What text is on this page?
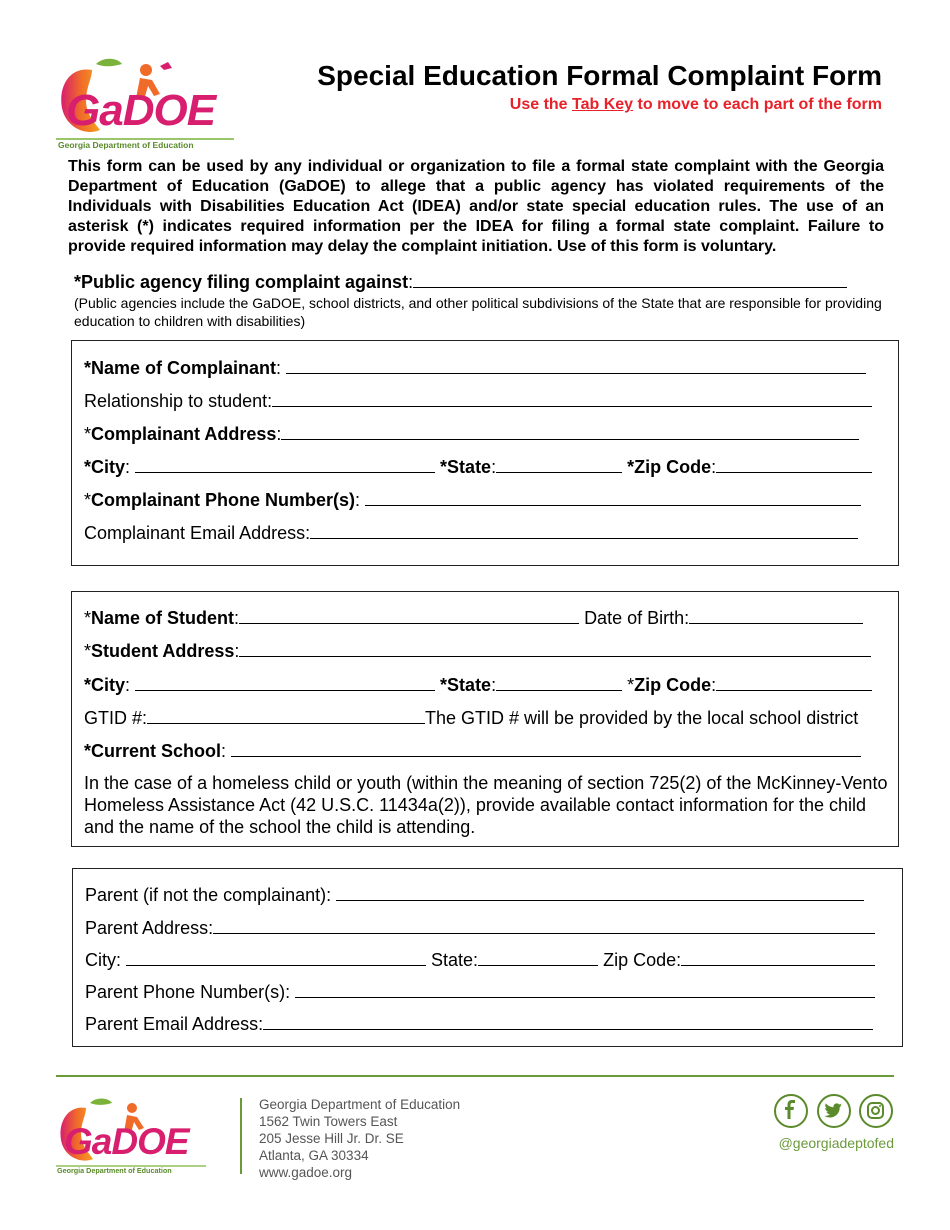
GaDOE
Georgia Department of Education
Special Education Formal Complaint Form
Use the Tab Key to move to each part of the form
This form can be used by any individual or organization to file a formal state complaint with the Georgia Department of Education (GaDOE) to allege that a public agency has violated requirements of the Individuals with Disabilities Education Act (IDEA) and/or state special education rules. The use of an asterisk (*) indicates required information per the IDEA for filing a formal state complaint. Failure to provide required information may delay the complaint initiation. Use of this form is voluntary.
*Public agency filing complaint against:
(Public agencies include the GaDOE, school districts, and other political subdivisions of the State that are responsible for providing education to children with disabilities)
*Name of Complainant:
Relationship to student:
*Complainant Address:
*City:	*State:	*Zip Code:
*Complainant Phone Number(s):
Complainant Email Address:
*Name of Student:	Date of Birth:
*Student Address:
*City:	*State:	*Zip Code:
GTID #:	The GTID # will be provided by the local school district
*Current School:
In the case of a homeless child or youth (within the meaning of section 725(2) of the McKinney-Vento Homeless Assistance Act (42 U.S.C. 11434a(2)), provide available contact information for the child and the name of the school the child is attending.
Parent (if not the complainant):
Parent Address:
City:	State:	Zip Code:
Parent Phone Number(s):
Parent Email Address:
GaDOE
Georgia Department of Education
Georgia Department of Education
1562 Twin Towers East
205 Jesse Hill Jr. Dr. SE
Atlanta, GA 30334
www.gadoe.org
@georgiadeptofed
